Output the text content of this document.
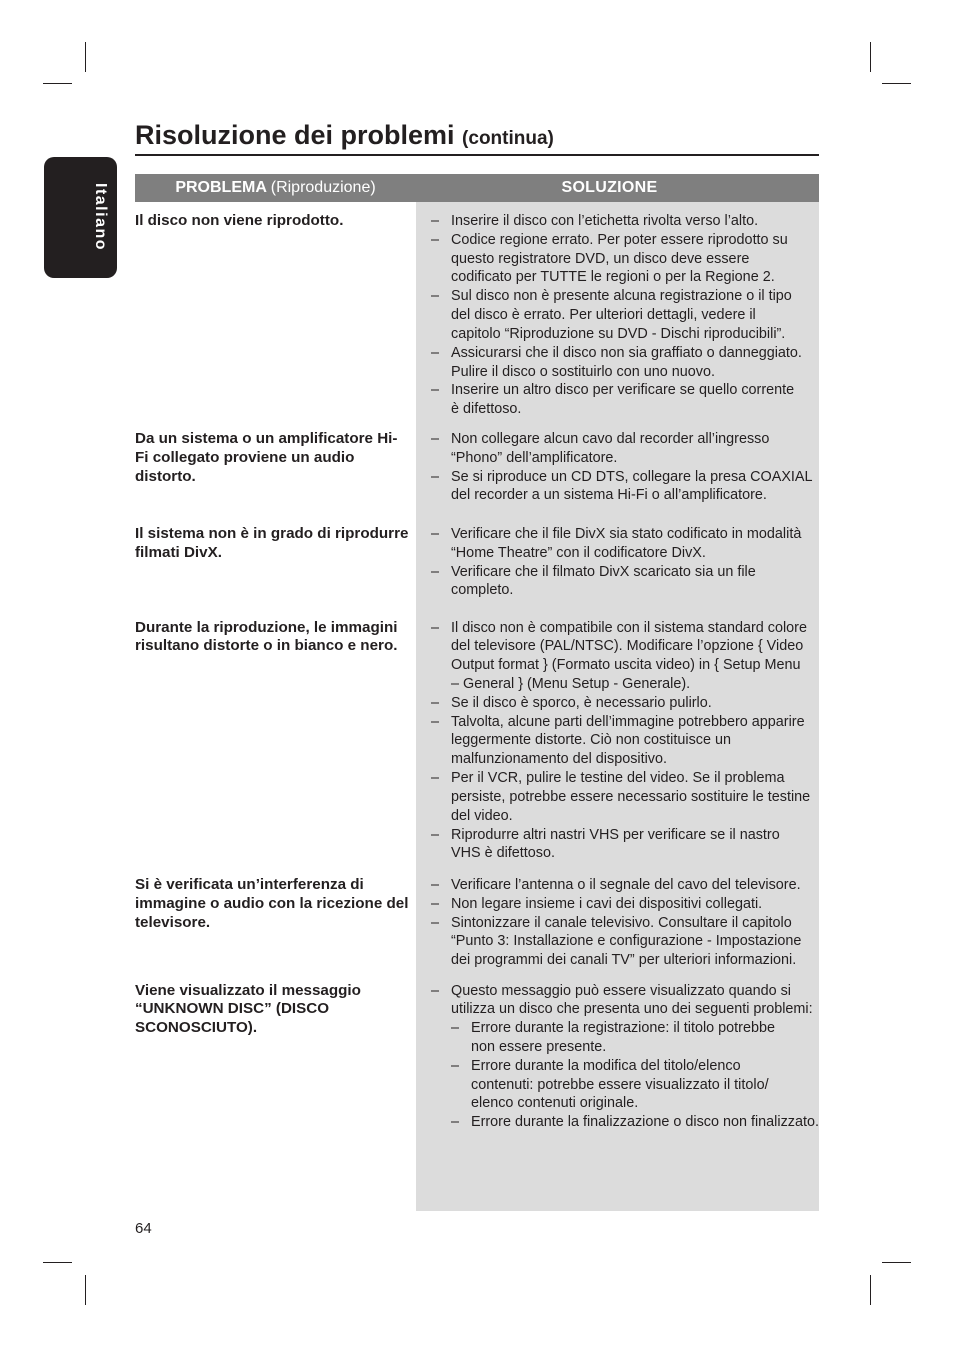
Italiano
Risoluzione dei problemi (continua)
PROBLEMA (Riproduzione)	SOLUZIONE
Il disco non viene riprodotto.	– Inserire il disco con l’etichetta rivolta verso l’alto.
– Codice regione errato. Per poter essere riprodotto su
questo registratore DVD, un disco deve essere
codificato per TUTTE le regioni o per la Regione 2.
– Sul disco non è presente alcuna registrazione o il tipo
del disco è errato. Per ulteriori dettagli, vedere il
capitolo “Riproduzione su DVD - Dischi riproducibili”.
– Assicurarsi che il disco non sia graffiato o danneggiato.
Pulire il disco o sostituirlo con uno nuovo.
– Inserire un altro disco per verificare se quello corrente
è difettoso.
Da un sistema o un amplificatore Hi-
Fi collegato proviene un audio
distorto.
– Non collegare alcun cavo dal recorder all’ingresso
“Phono” dell’amplificatore.
– Se si riproduce un CD DTS, collegare la presa COAXIAL
del recorder a un sistema Hi-Fi o all’amplificatore.
Il sistema non è in grado di riprodurre
filmati DivX.
– Verificare che il file DivX sia stato codificato in modalità
“Home Theatre” con il codificatore DivX.
– Verificare che il filmato DivX scaricato sia un file
completo.
Durante la riproduzione, le immagini
risultano distorte o in bianco e nero.
– Il disco non è compatibile con il sistema standard colore
del televisore (PAL/NTSC). Modificare l’opzione { Video
Output format } (Formato uscita video) in { Setup Menu
– General } (Menu Setup - Generale).
– Se il disco è sporco, è necessario pulirlo.
– Talvolta, alcune parti dell’immagine potrebbero apparire
leggermente distorte. Ciò non costituisce un
malfunzionamento del dispositivo.
– Per il VCR, pulire le testine del video. Se il problema
persiste, potrebbe essere necessario sostituire le testine
del video.
– Riprodurre altri nastri VHS per verificare se il nastro
VHS è difettoso.
Si è verificata un’interferenza di
immagine o audio con la ricezione del
televisore.
– Verificare l’antenna o il segnale del cavo del televisore.
– Non legare insieme i cavi dei dispositivi collegati.
– Sintonizzare il canale televisivo. Consultare il capitolo
“Punto 3: Installazione e configurazione - Impostazione
dei programmi dei canali TV” per ulteriori informazioni.
Viene visualizzato il messaggio
“UNKNOWN DISC” (DISCO
SCONOSCIUTO).
– Questo messaggio può essere visualizzato quando si
utilizza un disco che presenta uno dei seguenti problemi:
– Errore durante la registrazione: il titolo potrebbe
non essere presente.
– Errore durante la modifica del titolo/elenco
contenuti: potrebbe essere visualizzato il titolo/
elenco contenuti originale.
– Errore durante la finalizzazione o disco non finalizzato.
64
